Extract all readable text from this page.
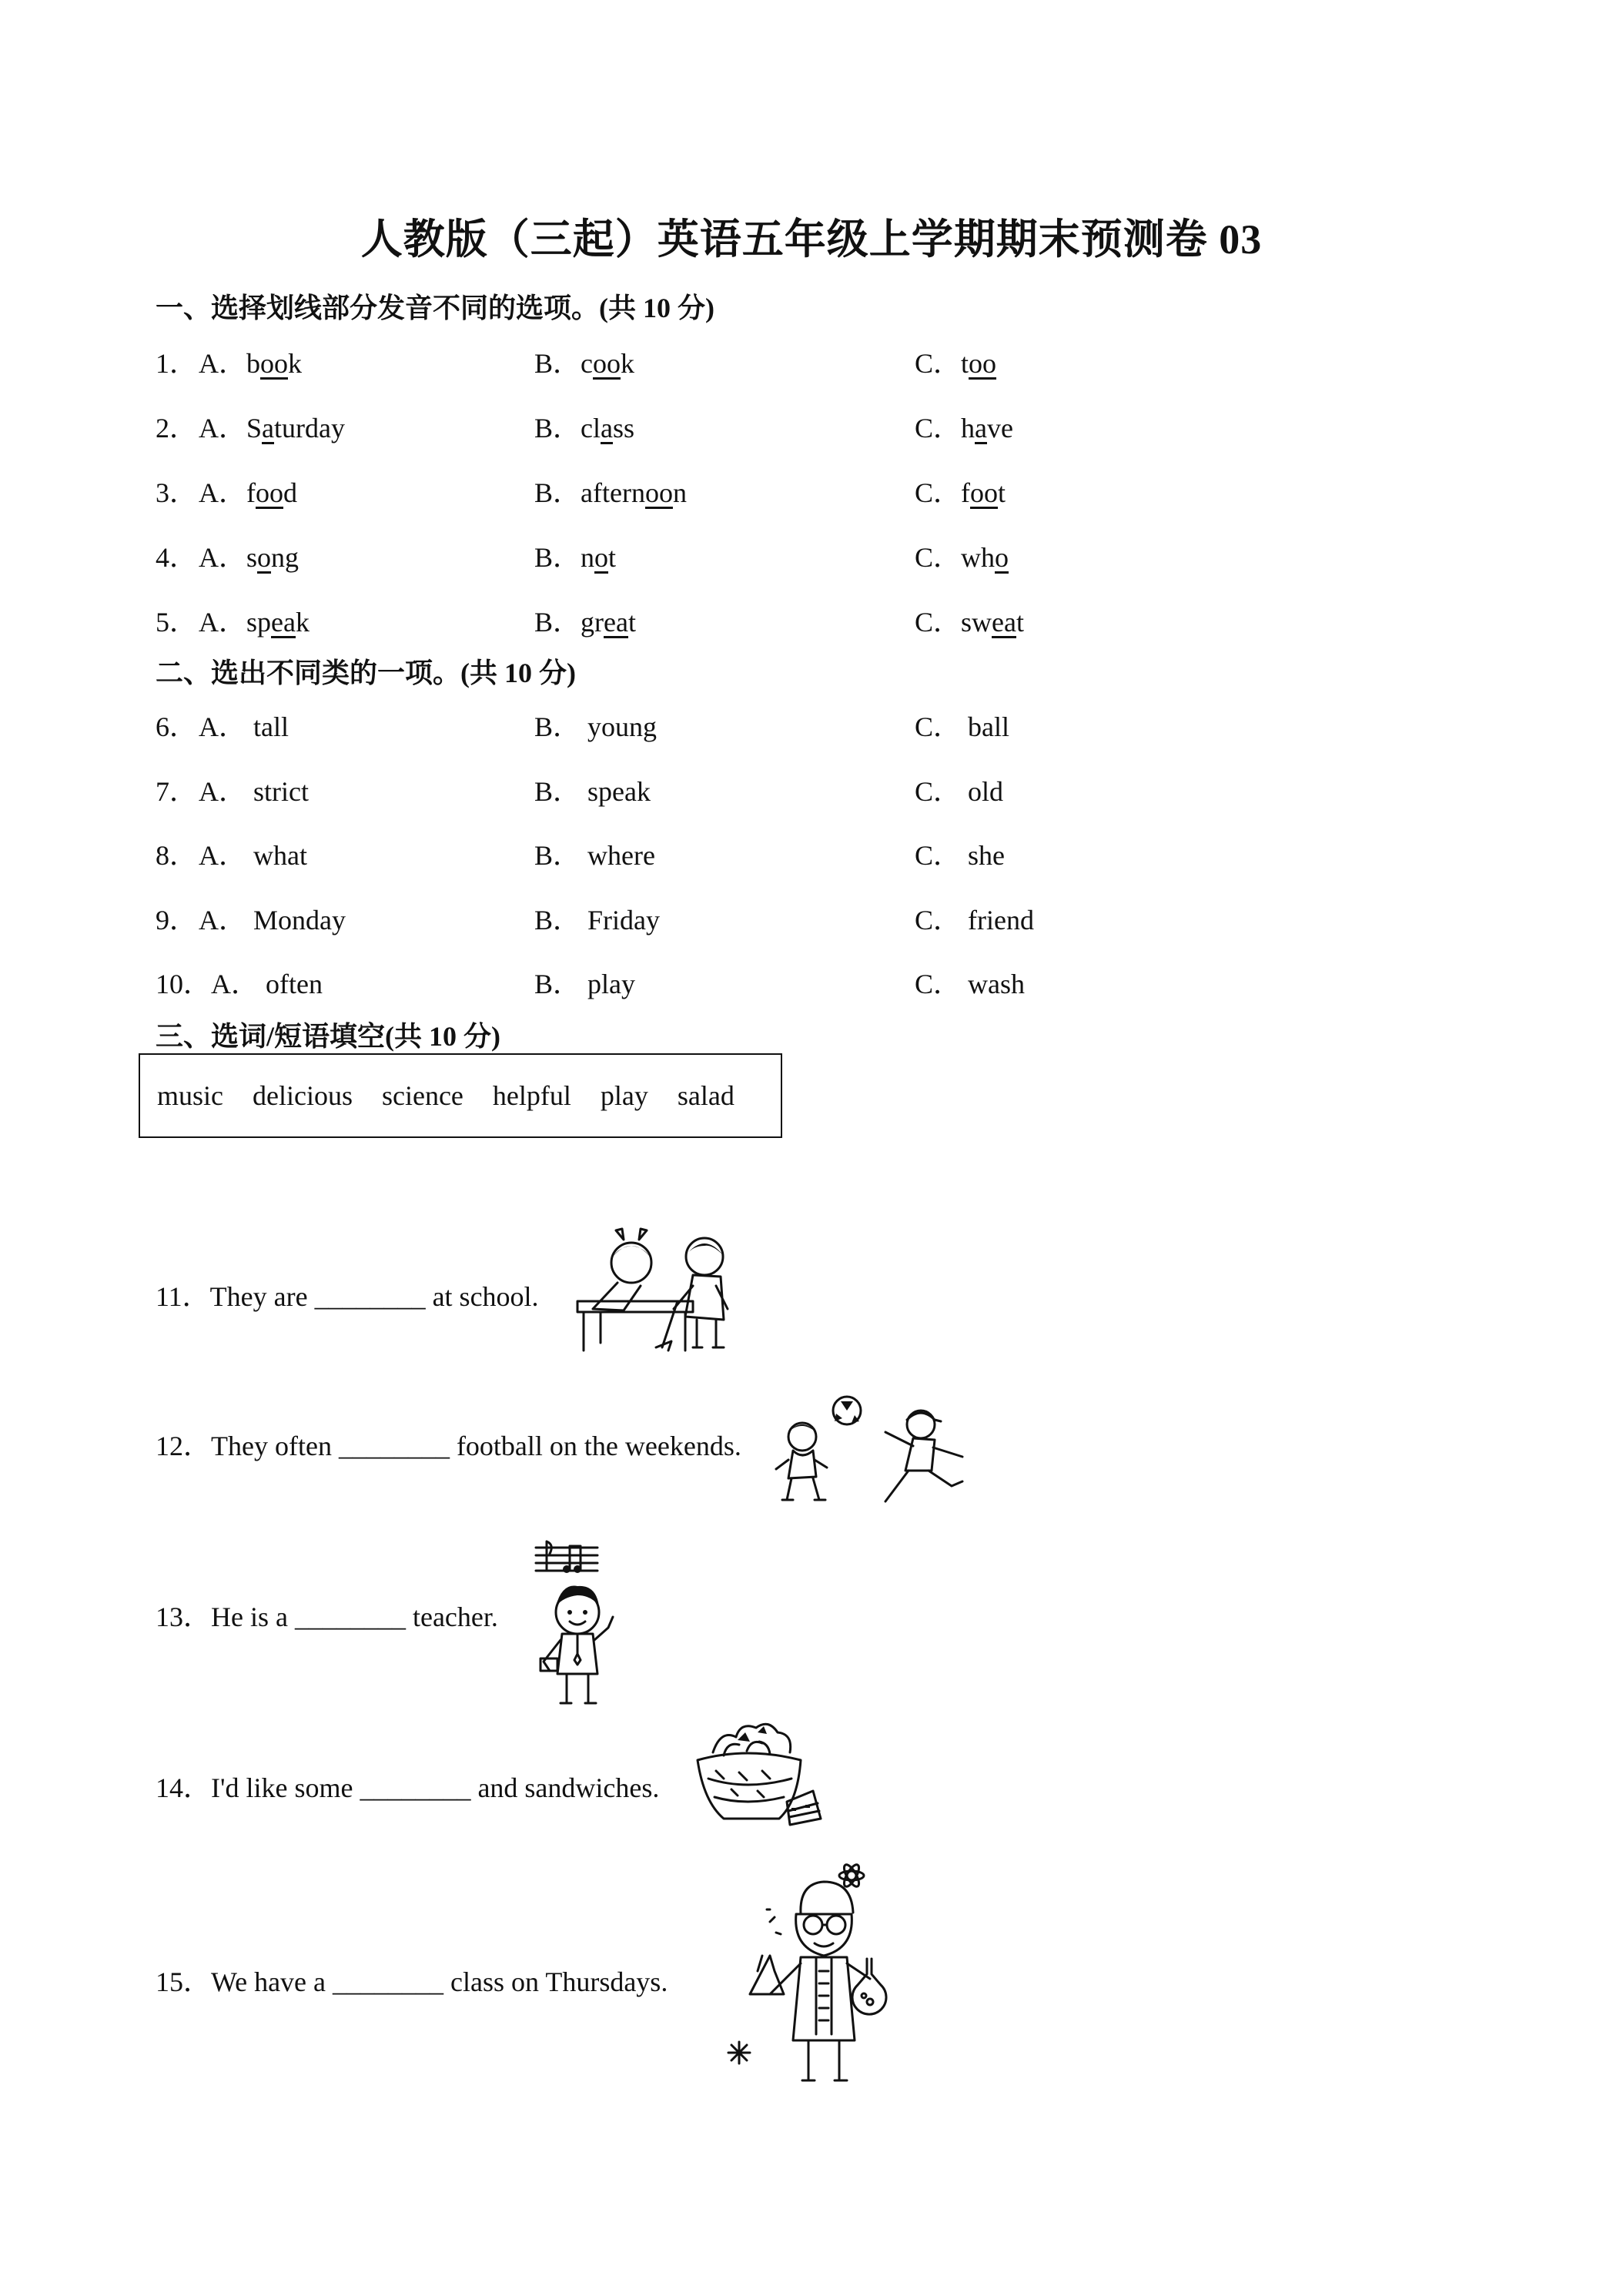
人教版（三起）英语五年级上学期期末预测卷 03
一、选择划线部分发音不同的选项。(共 10 分)
1． A．book	B．cook	C．too
2． A．Saturday	B．class	C．have
3． A．food	B．afternoon	C．foot
4． A．song	B．not	C．who
5． A．speak	B．great	C．sweat
二、选出不同类的一项。(共 10 分)
6． A． tall	B． young	C． ball
7． A． strict	B． speak	C． old
8． A． what	B． where	C． she
9． A． Monday	B． Friday	C． friend
10． A． often	B． play	C． wash
三、选词/短语填空(共 10 分)
music delicious science helpful play salad
11．They are ________ at school.
12．They often ________ football on the weekends.
13．He is a ________ teacher.
14．I'd like some ________ and sandwiches.
15．We have a ________ class on Thursdays.
